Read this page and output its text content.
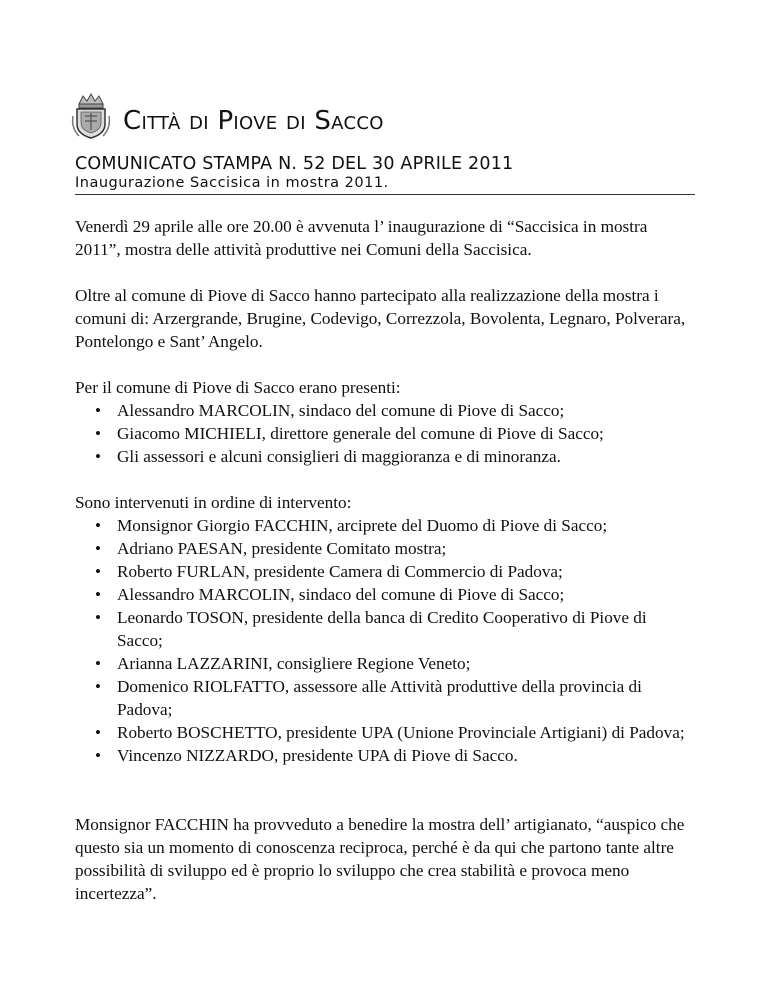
Città di Piove di Sacco
COMUNICATO STAMPA N. 52 DEL 30 APRILE 2011
Inaugurazione Saccisica in mostra 2011.

Venerdì 29 aprile alle ore 20.00 è avvenuta l’ inaugurazione di “Saccisica in mostra 2011”, mostra delle attività produttive nei Comuni della Saccisica.

Oltre al comune di Piove di Sacco hanno partecipato alla realizzazione della mostra i comuni di: Arzergrande, Brugine, Codevigo, Correzzola, Bovolenta, Legnaro, Polverara, Pontelongo e Sant’ Angelo.

Per il comune di Piove di Sacco erano presenti:

• Alessandro MARCOLIN, sindaco del comune di Piove di Sacco;
• Giacomo MICHIELI, direttore generale del comune di Piove di Sacco;
• Gli assessori e alcuni consiglieri di maggioranza e di minoranza.

Sono intervenuti in ordine di intervento:

• Monsignor Giorgio FACCHIN, arciprete del Duomo di Piove di Sacco;
• Adriano PAESAN, presidente Comitato mostra;
• Roberto FURLAN, presidente Camera di Commercio di Padova;
• Alessandro MARCOLIN, sindaco del comune di Piove di Sacco;
• Leonardo TOSON, presidente della banca di Credito Cooperativo di Piove di Sacco;
• Arianna LAZZARINI, consigliere Regione Veneto;
• Domenico RIOLFATTO, assessore alle Attività produttive della provincia di Padova;
• Roberto BOSCHETTO, presidente UPA (Unione Provinciale Artigiani) di Padova;
• Vincenzo NIZZARDO, presidente UPA di Piove di Sacco.

Monsignor FACCHIN ha provveduto a benedire la mostra dell’ artigianato, “auspico che questo sia un momento di conoscenza reciproca, perché è da qui che partono tante altre possibilità di sviluppo ed è proprio lo sviluppo che crea stabilità e provoca meno incertezza”.
